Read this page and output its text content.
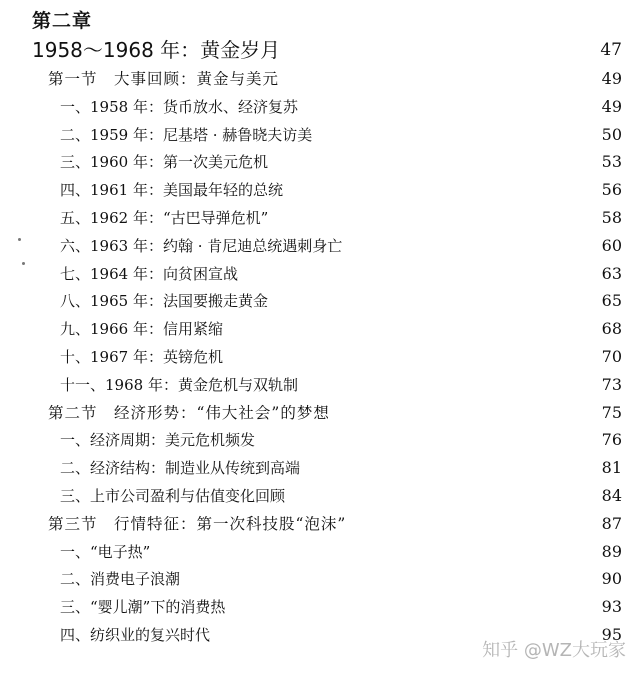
第二章
1958～1968 年：黄金岁月	47
第一节　大事回顾：黄金与美元	49
一、1958 年：货币放水、经济复苏	49
二、1959 年：尼基塔 · 赫鲁晓夫访美	50
三、1960 年：第一次美元危机	53
四、1961 年：美国最年轻的总统	56
五、1962 年：“古巴导弹危机”	58
六、1963 年：约翰 · 肯尼迪总统遇刺身亡	60
七、1964 年：向贫困宣战	63
八、1965 年：法国要搬走黄金	65
九、1966 年：信用紧缩	68
十、1967 年：英镑危机	70
十一、1968 年：黄金危机与双轨制	73
第二节　经济形势：“伟大社会”的梦想	75
一、经济周期：美元危机频发	76
二、经济结构：制造业从传统到高端	81
三、上市公司盈利与估值变化回顾	84
第三节　行情特征：第一次科技股“泡沫”	87
一、“电子热”	89
二、消费电子浪潮	90
三、“婴儿潮”下的消费热	93
四、纺织业的复兴时代	95
知乎 @WZ大玩家
